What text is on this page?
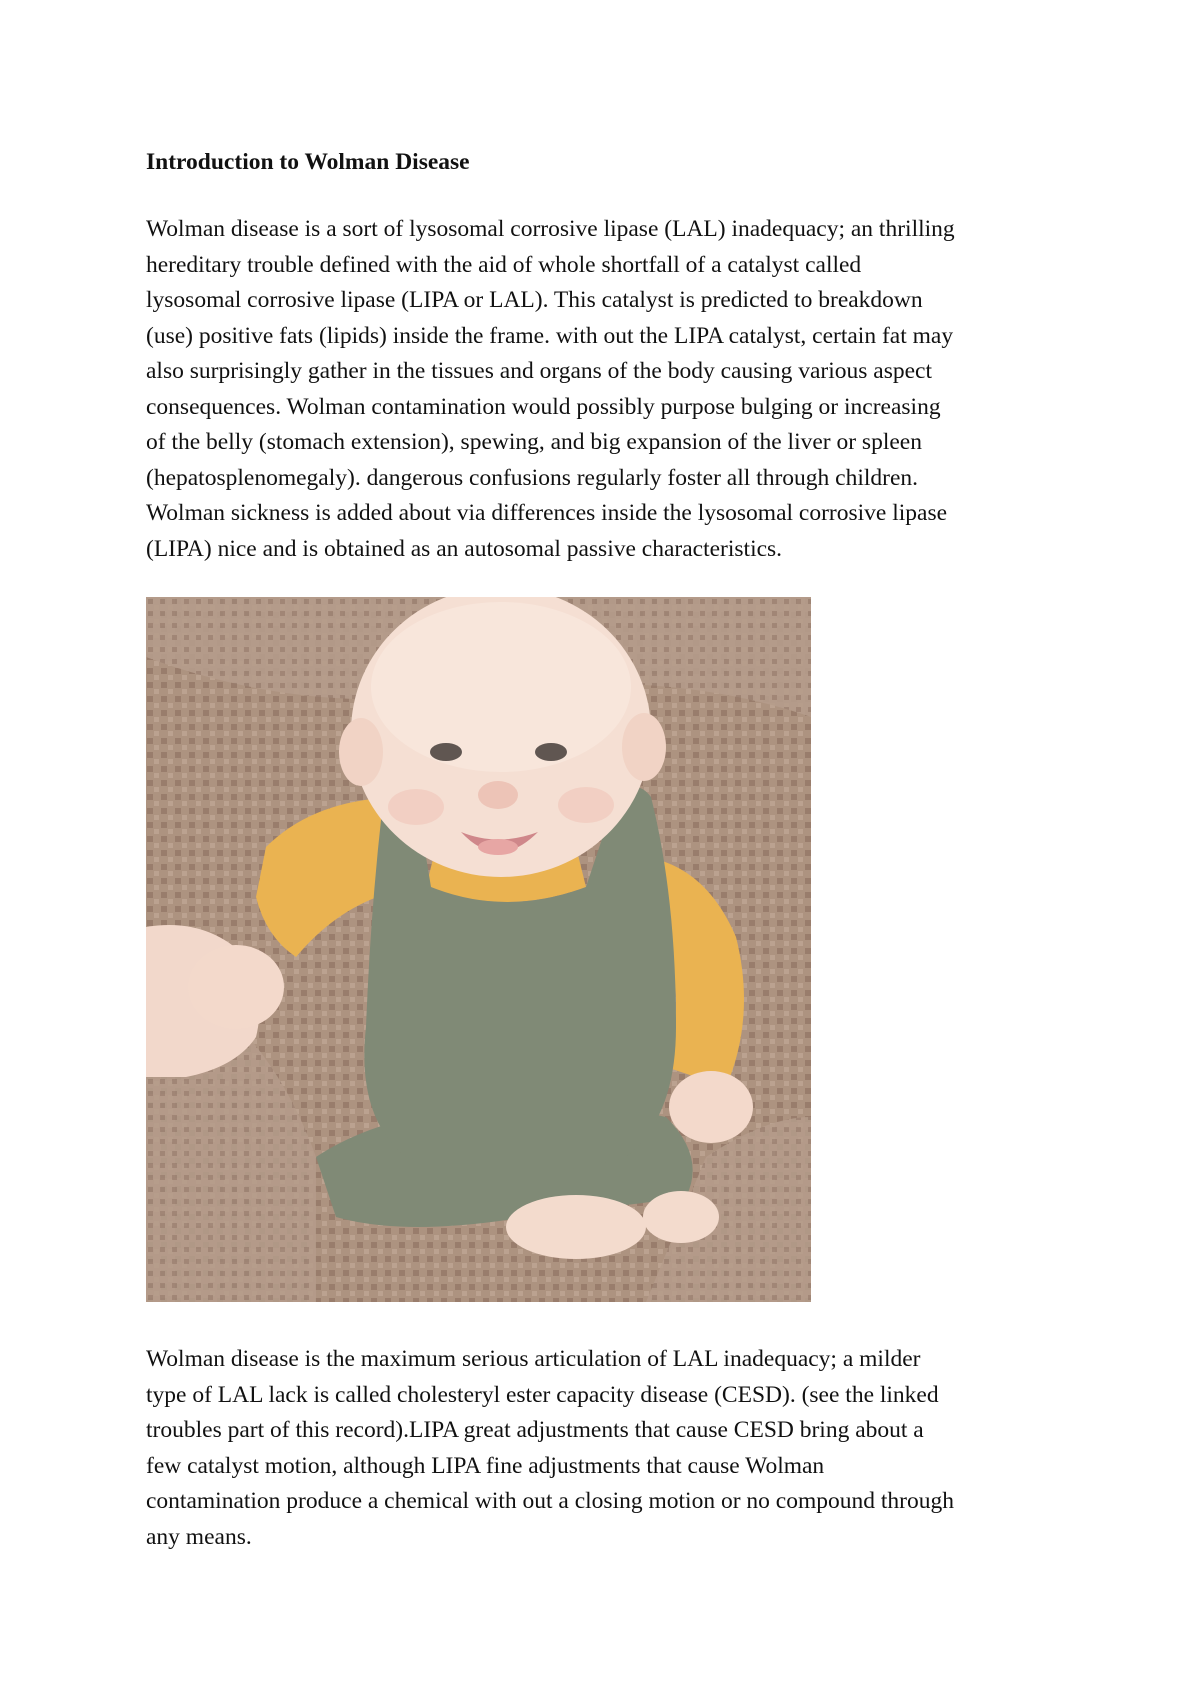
Introduction to Wolman Disease
Wolman disease is a sort of lysosomal corrosive lipase (LAL) inadequacy; an thrilling
hereditary trouble defined with the aid of whole shortfall of a catalyst called
lysosomal corrosive lipase (LIPA or LAL). This catalyst is predicted to breakdown
(use) positive fats (lipids) inside the frame. with out the LIPA catalyst, certain fat may
also surprisingly gather in the tissues and organs of the body causing various aspect
consequences. Wolman contamination would possibly purpose bulging or increasing
of the belly (stomach extension), spewing, and big expansion of the liver or spleen
(hepatosplenomegaly). dangerous confusions regularly foster all through children.
Wolman sickness is added about via differences inside the lysosomal corrosive lipase
(LIPA) nice and is obtained as an autosomal passive characteristics.
Wolman disease is the maximum serious articulation of LAL inadequacy; a milder
type of LAL lack is called cholesteryl ester capacity disease (CESD). (see the linked
troubles part of this record).LIPA great adjustments that cause CESD bring about a
few catalyst motion, although LIPA fine adjustments that cause Wolman
contamination produce a chemical with out a closing motion or no compound through
any means.
